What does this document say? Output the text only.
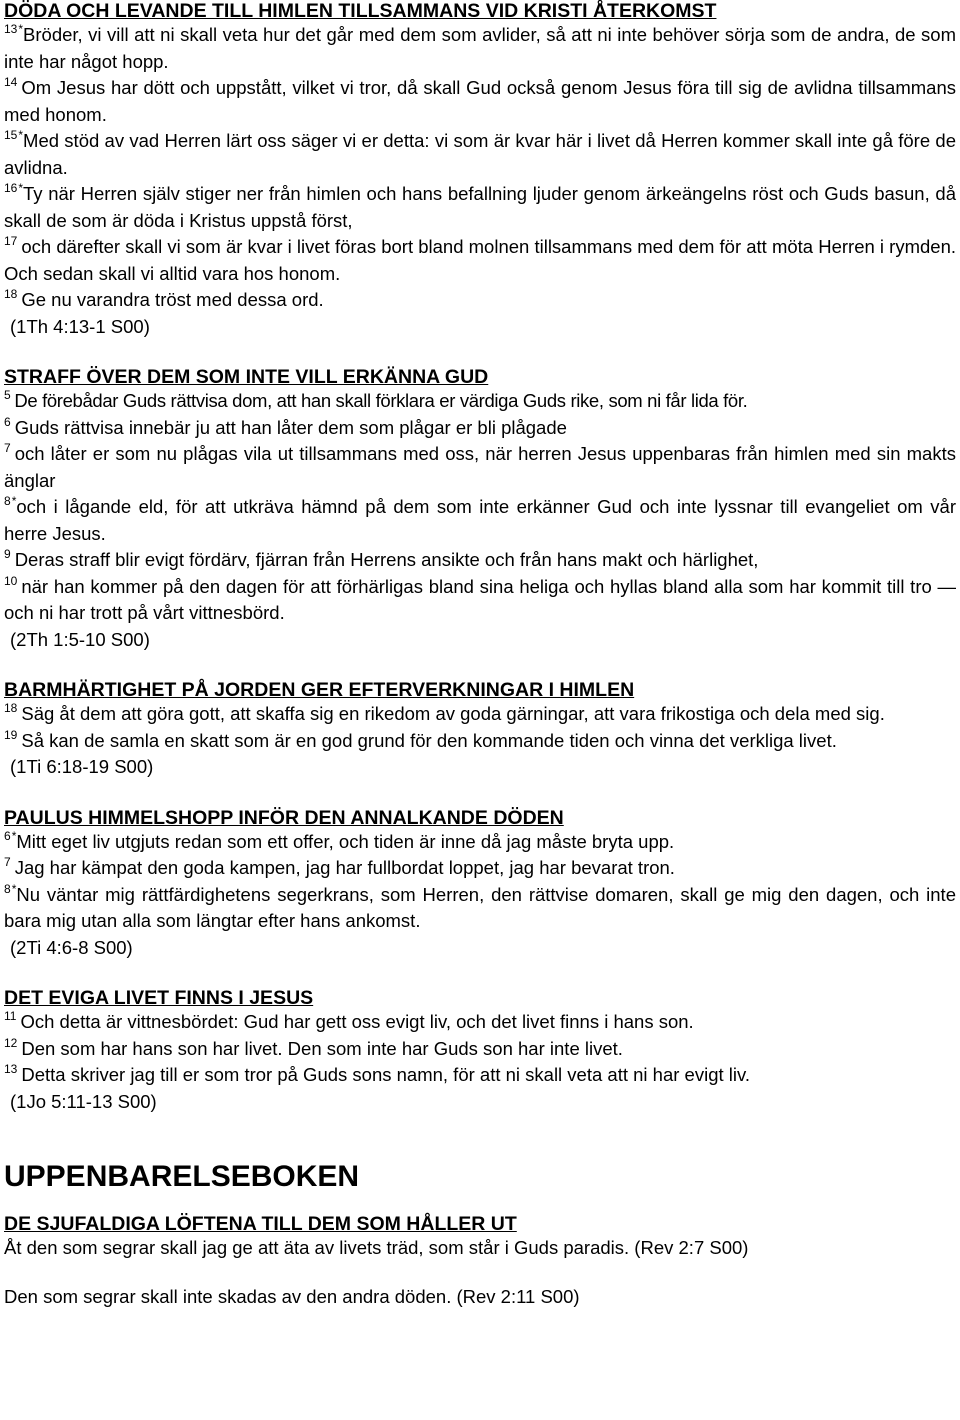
DÖDA OCH LEVANDE TILL HIMLEN TILLSAMMANS VID KRISTI ÅTERKOMST

$^{13*}$Bröder, vi vill att ni skall veta hur det går med dem som avlider, så att ni inte behöver sörja som de andra, de som inte har något hopp.

$^{14}$ Om Jesus har dött och uppstått, vilket vi tror, då skall Gud också genom Jesus föra till sig de avlidna tillsammans med honom.

$^{15*}$Med stöd av vad Herren lärt oss säger vi er detta: vi som är kvar här i livet då Herren kommer skall inte gå före de avlidna.

$^{16*}$Ty när Herren själv stiger ner från himlen och hans befallning ljuder genom ärkeängelns röst och Guds basun, då skall de som är döda i Kristus uppstå först,

$^{17}$ och därefter skall vi som är kvar i livet föras bort bland molnen tillsammans med dem för att möta Herren i rymden. Och sedan skall vi alltid vara hos honom.

$^{18}$ Ge nu varandra tröst med dessa ord.

(1Th 4:13-1 S00)

STRAFF ÖVER DEM SOM INTE VILL ERKÄNNA GUD

$^5$ De förebådar Guds rättvisa dom, att han skall förklara er värdiga Guds rike, som ni får lida för.

$^6$ Guds rättvisa innebär ju att han låter dem som plågar er bli plågade

$^7$ och låter er som nu plågas vila ut tillsammans med oss, när herren Jesus uppenbaras från himlen med sin makts änglar

$^{8*}$och i lågande eld, för att utkräva hämnd på dem som inte erkänner Gud och inte lyssnar till evangeliet om vår herre Jesus.

$^9$ Deras straff blir evigt fördärv, fjärran från Herrens ansikte och från hans makt och härlighet,

$^{10}$ när han kommer på den dagen för att förhärligas bland sina heliga och hyllas bland alla som har kommit till tro — och ni har trott på vårt vittnesbörd.

(2Th 1:5-10 S00)

BARMHÄRTIGHET PÅ JORDEN GER EFTERVERKNINGAR I HIMLEN

$^{18}$ Säg åt dem att göra gott, att skaffa sig en rikedom av goda gärningar, att vara frikostiga och dela med sig.

$^{19}$ Så kan de samla en skatt som är en god grund för den kommande tiden och vinna det verkliga livet.

(1Ti 6:18-19 S00)

PAULUS HIMMELSHOPP INFÖR DEN ANNALKANDE DÖDEN

$^{6*}$Mitt eget liv utgjuts redan som ett offer, och tiden är inne då jag måste bryta upp.

$^7$ Jag har kämpat den goda kampen, jag har fullbordat loppet, jag har bevarat tron.

$^{8*}$Nu väntar mig rättfärdighetens segerkrans, som Herren, den rättvise domaren, skall ge mig den dagen, och inte bara mig utan alla som längtar efter hans ankomst.

(2Ti 4:6-8 S00)

DET EVIGA LIVET FINNS I JESUS

$^{11}$ Och detta är vittnesbördet: Gud har gett oss evigt liv, och det livet finns i hans son.

$^{12}$ Den som har hans son har livet. Den som inte har Guds son har inte livet.

$^{13}$ Detta skriver jag till er som tror på Guds sons namn, för att ni skall veta att ni har evigt liv.

(1Jo 5:11-13 S00)

UPPENBARELSEBOKEN
DE SJUFALDIGA LÖFTENA TILL DEM SOM HÅLLER UT

Åt den som segrar skall jag ge att äta av livets träd, som står i Guds paradis. (Rev 2:7 S00)

Den som segrar skall inte skadas av den andra döden. (Rev 2:11 S00)
